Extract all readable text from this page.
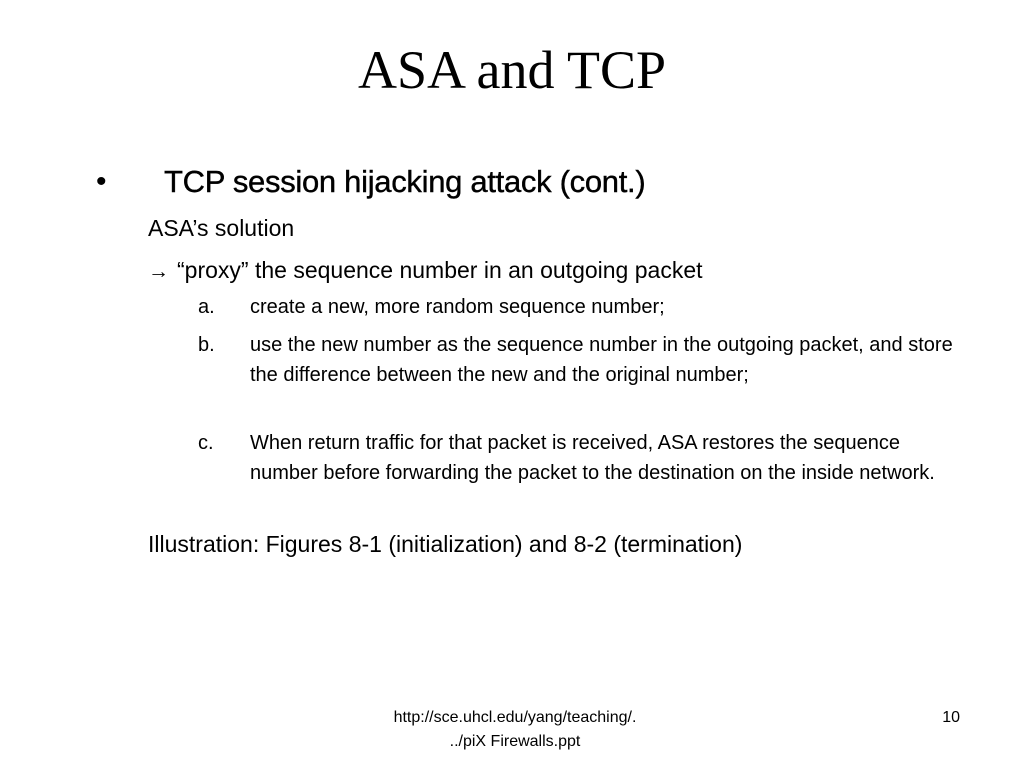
ASA and TCP
• TCP session hijacking attack (cont.)
ASA’s solution
→ “proxy” the sequence number in an outgoing packet
a. create a new, more random sequence number;
b. use the new number as the sequence number in the outgoing packet, and store the difference between the new and the original number;
c. When return traffic for that packet is received, ASA restores the sequence number before forwarding the packet to the destination on the inside network.
Illustration: Figures 8-1 (initialization) and 8-2 (termination)
http://sce.uhcl.edu/yang/teaching/.
../piX Firewalls.ppt
10
